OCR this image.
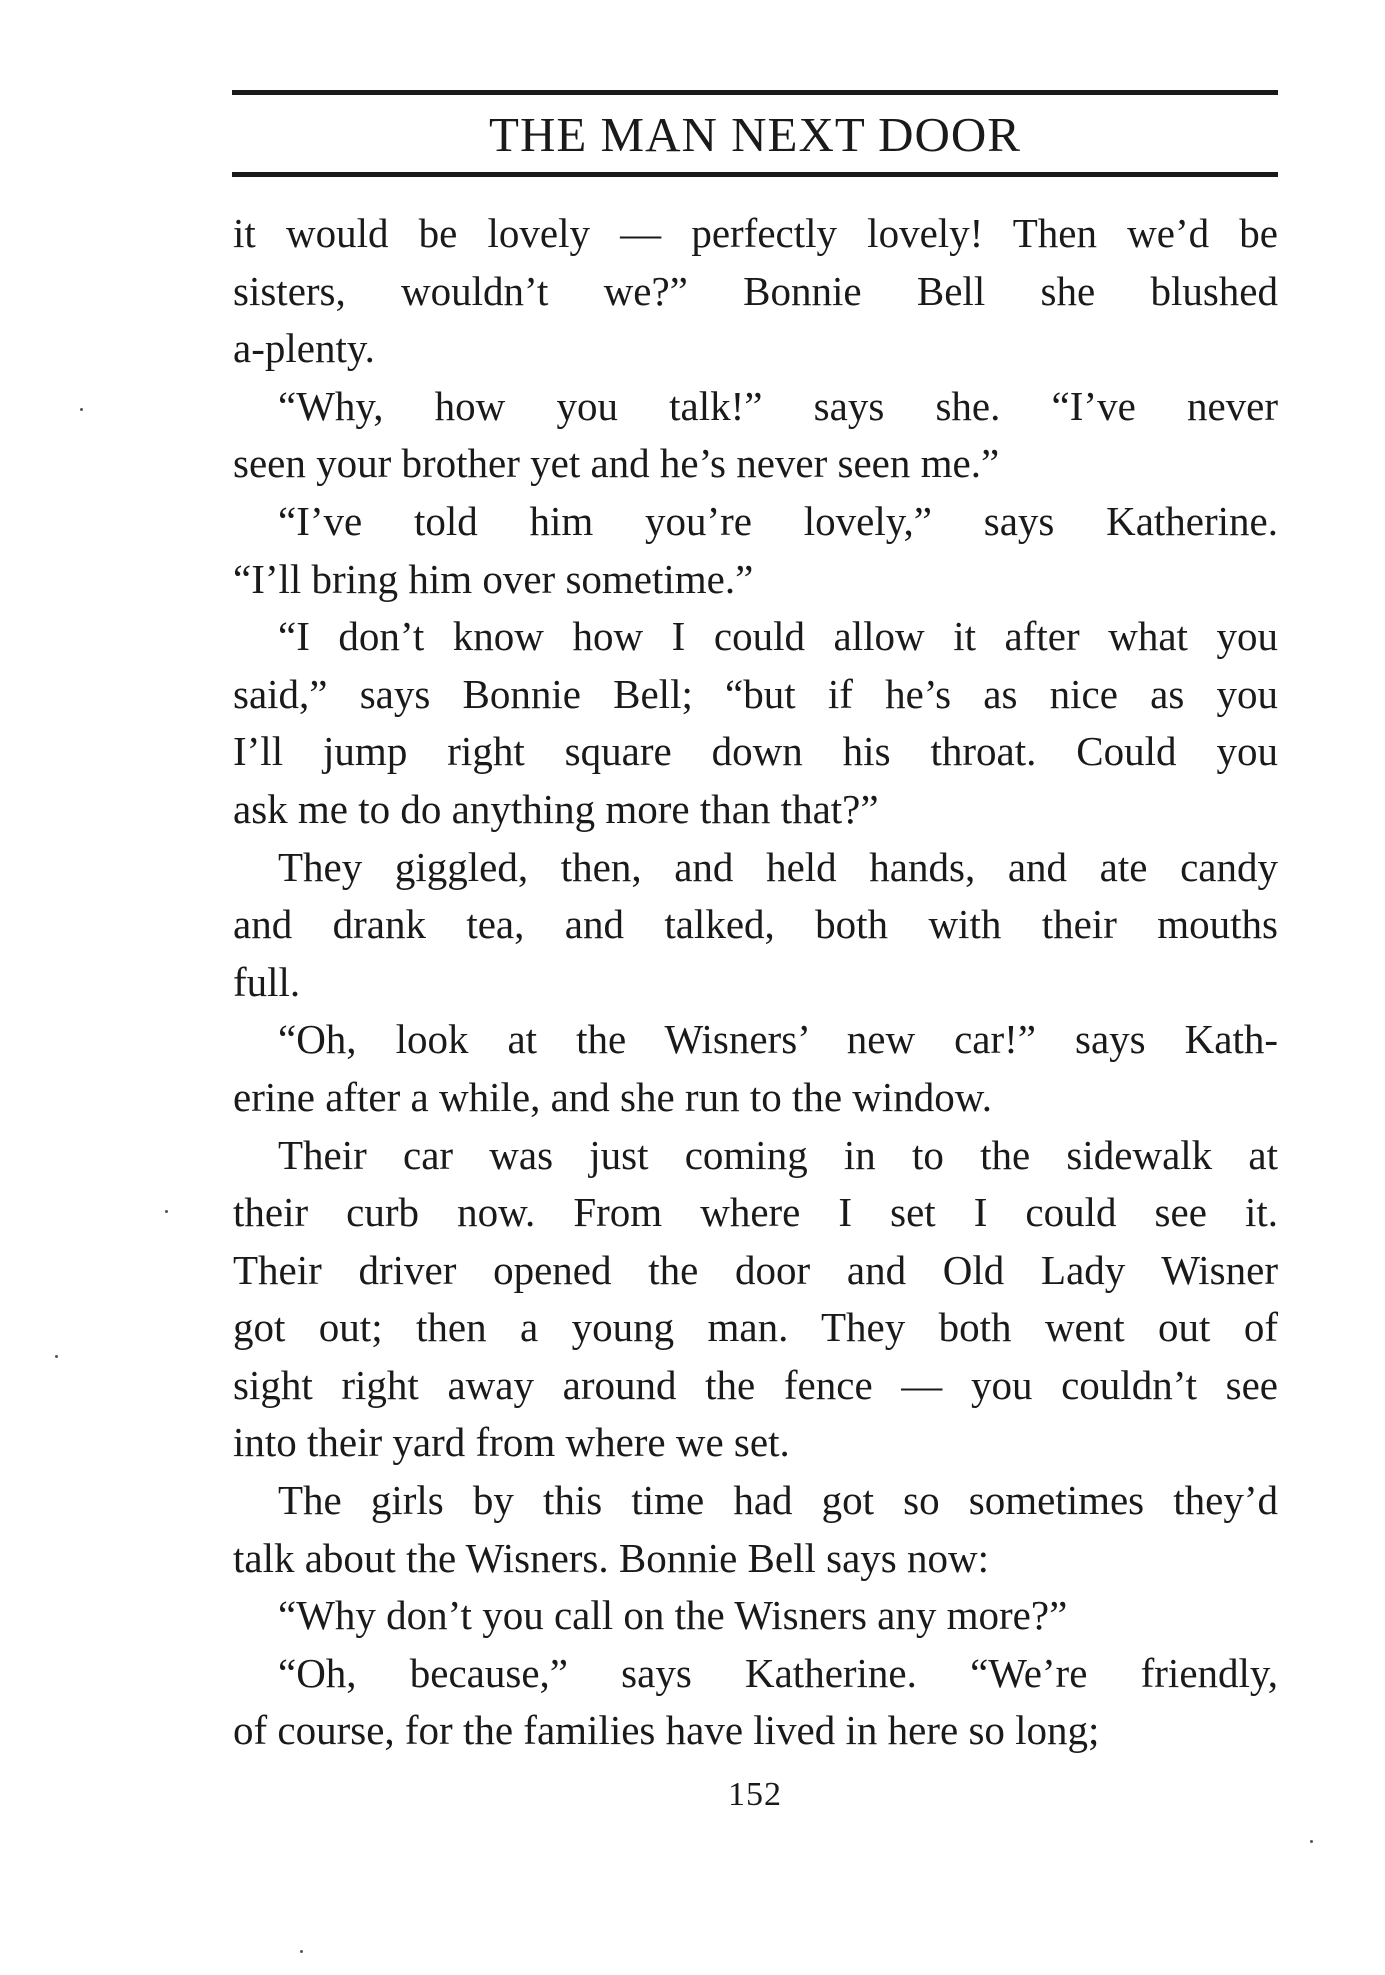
THE MAN NEXT DOOR
it would be lovely — perfectly lovely! Then we’d be
sisters, wouldn’t we?” Bonnie Bell she blushed
a-plenty.
“Why, how you talk!” says she. “I’ve never
seen your brother yet and he’s never seen me.”
“I’ve told him you’re lovely,” says Katherine.
“I’ll bring him over sometime.”
“I don’t know how I could allow it after what you
said,” says Bonnie Bell; “but if he’s as nice as you
I’ll jump right square down his throat. Could you
ask me to do anything more than that?”
They giggled, then, and held hands, and ate candy
and drank tea, and talked, both with their mouths
full.
“Oh, look at the Wisners’ new car!” says Kath-
erine after a while, and she run to the window.
Their car was just coming in to the sidewalk at
their curb now. From where I set I could see it.
Their driver opened the door and Old Lady Wisner
got out; then a young man. They both went out of
sight right away around the fence — you couldn’t see
into their yard from where we set.
The girls by this time had got so sometimes they’d
talk about the Wisners. Bonnie Bell says now:
“Why don’t you call on the Wisners any more?”
“Oh, because,” says Katherine. “We’re friendly,
of course, for the families have lived in here so long;
152
